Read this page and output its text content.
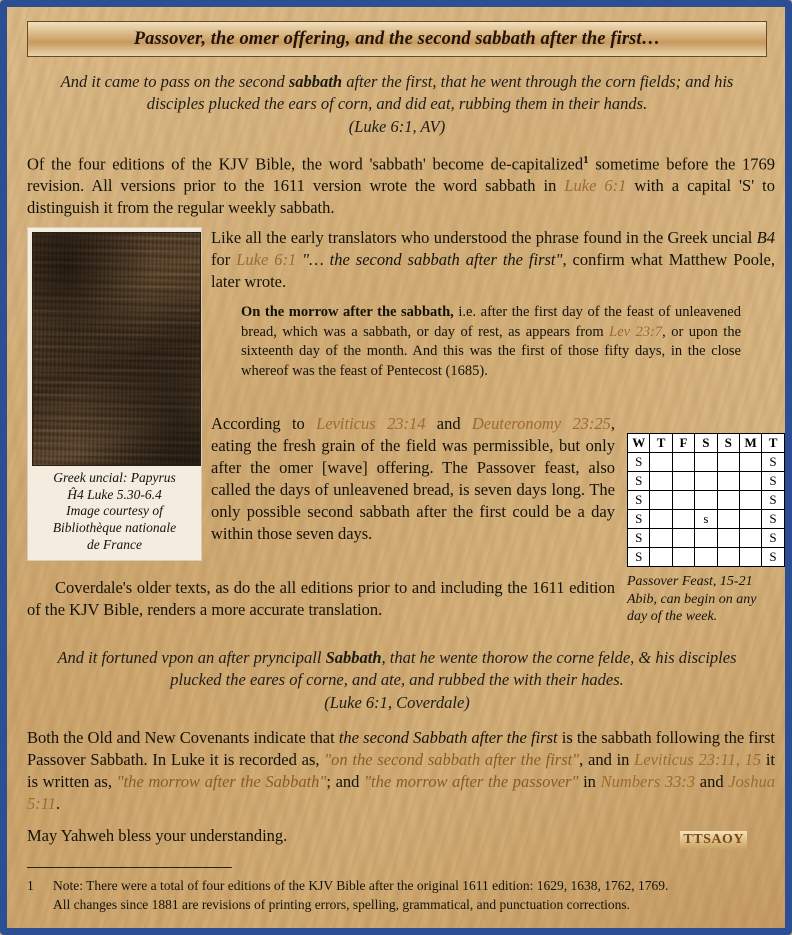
Passover, the omer offering, and the second sabbath after the first…
And it came to pass on the second sabbath after the first, that he went through the corn fields; and his disciples plucked the ears of corn, and did eat, rubbing them in their hands.
(Luke 6:1, AV)
Of the four editions of the KJV Bible, the word 'sabbath' become de-capitalized$^1$ sometime before the 1769 revision. All versions prior to the 1611 version wrote the word sabbath in Luke 6:1 with a capital 'S' to distinguish it from the regular weekly sabbath.
Greek uncial: Papyrus
Ĥ4 Luke 5.30-6.4
Image courtesy of
Bibliothèque nationale
de France
Like all the early translators who understood the phrase found in the Greek uncial B4 for Luke 6:1 "… the second sabbath after the first", confirm what Matthew Poole, later wrote.
On the morrow after the sabbath, i.e. after the first day of the feast of unleavened bread, which was a sabbath, or day of rest, as appears from Lev 23:7, or upon the sixteenth day of the month. And this was the first of those fifty days, in the close whereof was the feast of Pentecost (1685).
According to Leviticus 23:14 and Deuteronomy 23:25, eating the fresh grain of the field was permissible, but only after the omer [wave] offering. The Passover feast, also called the days of unleavened bread, is seven days long. The only possible second sabbath after the first could be a day within those seven days.
W	T	F	S	S	M	T
S						S
S						S
S						S
S			s			S
S						S
S						S
Passover Feast, 15-21 Abib, can begin on any day of the week.
Coverdale's older texts, as do the all editions prior to and including the 1611 edition of the KJV Bible, renders a more accurate translation.
And it fortuned vpon an after pryncipall Sabbath, that he wente thorow the corne felde, & his disciples plucked the eares of corne, and ate, and rubbed the with their hades.
(Luke 6:1, Coverdale)
Both the Old and New Covenants indicate that the second Sabbath after the first is the sabbath following the first Passover Sabbath. In Luke it is recorded as, "on the second sabbath after the first", and in Leviticus 23:11, 15 it is written as, "the morrow after the Sabbath"; and "the morrow after the passover" in Numbers 33:3 and Joshua 5:11.
May Yahweh bless your understanding.	TTSAOY
1 Note: There were a total of four editions of the KJV Bible after the original 1611 edition: 1629, 1638, 1762, 1769.
All changes since 1881 are revisions of printing errors, spelling, grammatical, and punctuation corrections.
